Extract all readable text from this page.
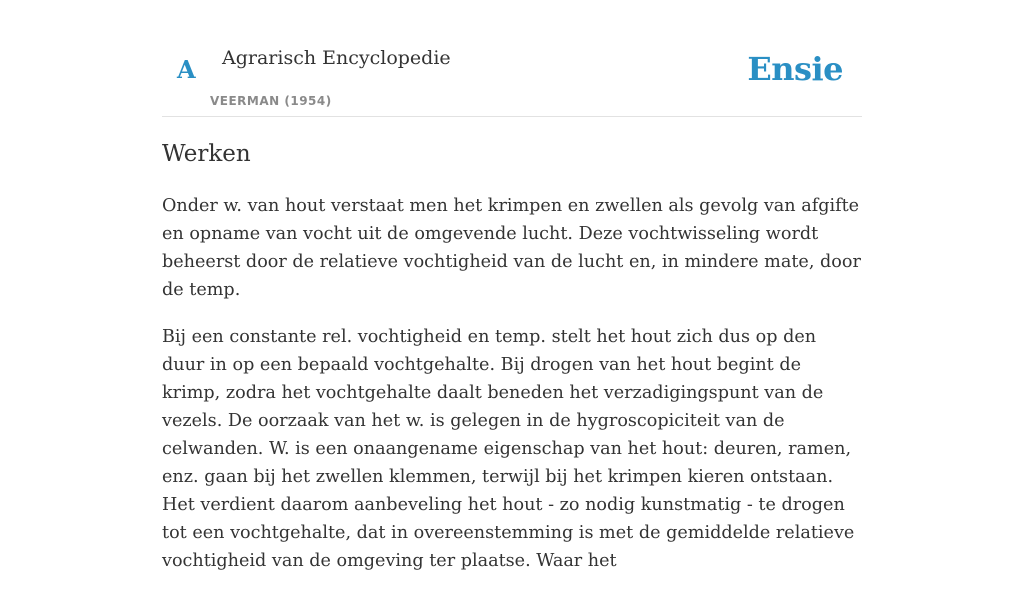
A Agrarisch Encyclopedie
VEERMAN (1954)
Ensie
Werken

Onder w. van hout verstaat men het krimpen en zwellen als gevolg van afgifte en opname van vocht uit de omgevende lucht. Deze vochtwisseling wordt beheerst door de relatieve vochtigheid van de lucht en, in mindere mate, door de temp.

Bij een constante rel. vochtigheid en temp. stelt het hout zich dus op den duur in op een bepaald vochtgehalte. Bij drogen van het hout begint de krimp, zodra het vochtgehalte daalt beneden het verzadigingspunt van de vezels. De oorzaak van het w. is gelegen in de hygroscopiciteit van de celwanden. W. is een onaangename eigenschap van het hout: deuren, ramen, enz. gaan bij het zwellen klemmen, terwijl bij het krimpen kieren ontstaan. Het verdient daarom aanbeveling het hout - zo nodig kunstmatig - te drogen tot een vochtgehalte, dat in overeenstemming is met de gemiddelde relatieve vochtigheid van de omgeving ter plaatse. Waar het
